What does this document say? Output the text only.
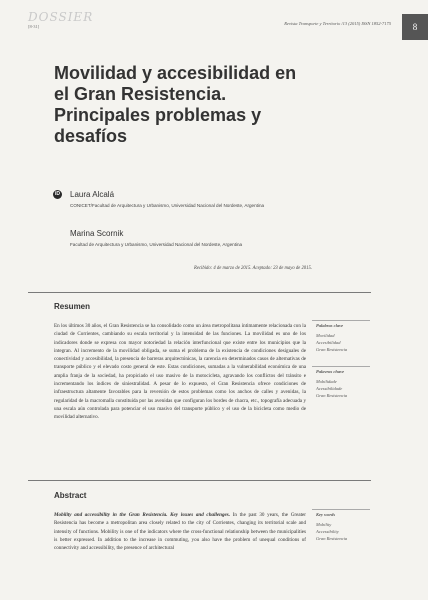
DOSSIER
[8-31]
Revista Transporte y Territorio /13 (2015) ISSN 1852-7175	8
Movilidad y accesibilidad en el Gran Resistencia. Principales problemas y desafíos
iD Laura Alcalá
CONICET/Facultad de Arquitectura y Urbanismo, Universidad Nacional del Nordeste, Argentina
Marina Scornik
Facultad de Arquitectura y Urbanismo, Universidad Nacional del Nordeste, Argentina
Recibido: 4 de marzo de 2015. Aceptado: 23 de mayo de 2015.
Resumen

En los últimos 30 años, el Gran Resistencia se ha consolidado como un área metropolitana íntimamente relacionada con la ciudad de Corrientes, cambiando su escala territorial y la intensidad de las funciones. La movilidad es uno de los indicadores donde se expresa con mayor notoriedad la relación interfuncional que existe entre los municipios que la integran. Al incremento de la movilidad obligada, se suma el problema de la existencia de condiciones desiguales de conectividad y accesibilidad, la presencia de barreras arquitectónicas, la carencia en determinados casos de alternativas de transporte público y el elevado costo general de este. Estas condiciones, sumadas a la vulnerabilidad económica de una amplia franja de la sociedad, ha propiciado el uso masivo de la motocicleta, agravando los conflictos del tránsito e incrementando los índices de siniestralidad. A pesar de lo expuesto, el Gran Resistencia ofrece condiciones de infraestructura altamente favorables para la reversión de estos problemas como los anchos de calles y avenidas, la regularidad de la macromalla constituida por las avenidas que configuran los bordes de chacra, etc., topografía adecuada y una escala aún controlada para potenciar el uso masivo del transporte público y el uso de la bicicleta como medio de movilidad alternativo.

Palabras clave
Movilidad
Accesibilidad
Gran Resistencia
Palavras chave
Mobilidade
Acessibilidade
Gran Resistencia
Abstract

Mobility and accessibility in the Gran Resistencia. Key issues and challenges. In the past 30 years, the Greater Resistencia has become a metropolitan area closely related to the city of Corrientes, changing its territorial scale and intensity of functions. Mobility is one of the indicators where the cross-functional relationship between the municipalities is better expressed. In addition to the increase in commuting, you also have the problem of unequal conditions of connectivity and accessibility, the presence of architectural

Key words
Mobility
Accessibility
Gran Resistencia
